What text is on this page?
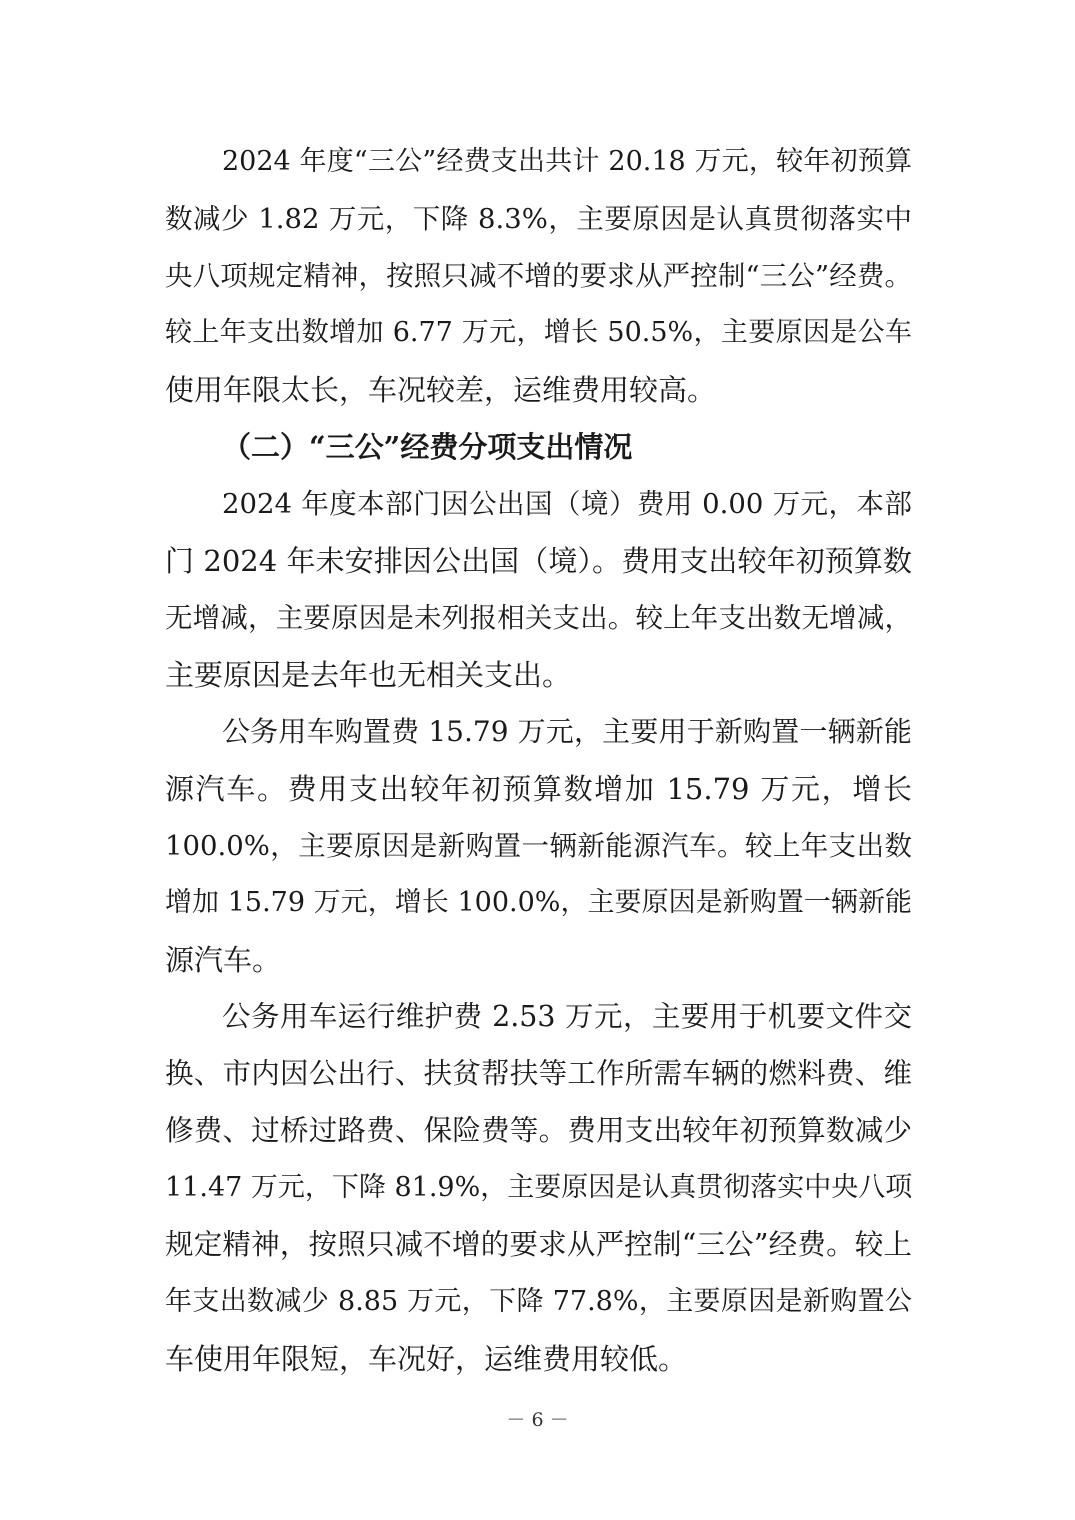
2024 年度“三公”经费支出共计 20.18 万元，较年初预算
数减少 1.82 万元，下降 8.3%，主要原因是认真贯彻落实中
央八项规定精神，按照只减不增的要求从严控制“三公”经费。
较上年支出数增加 6.77 万元，增长 50.5%，主要原因是公车
使用年限太长，车况较差，运维费用较高。
（二）“三公”经费分项支出情况
2024 年度本部门因公出国（境）费用 0.00 万元，本部
门 2024 年未安排因公出国（境）。费用支出较年初预算数
无增减，主要原因是未列报相关支出。较上年支出数无增减，
主要原因是去年也无相关支出。
公务用车购置费 15.79 万元，主要用于新购置一辆新能
源汽车。费用支出较年初预算数增加 15.79 万元，增长
100.0%，主要原因是新购置一辆新能源汽车。较上年支出数
增加 15.79 万元，增长 100.0%，主要原因是新购置一辆新能
源汽车。
公务用车运行维护费 2.53 万元，主要用于机要文件交
换、市内因公出行、扶贫帮扶等工作所需车辆的燃料费、维
修费、过桥过路费、保险费等。费用支出较年初预算数减少
11.47 万元，下降 81.9%，主要原因是认真贯彻落实中央八项
规定精神，按照只减不增的要求从严控制“三公”经费。较上
年支出数减少 8.85 万元，下降 77.8%，主要原因是新购置公
车使用年限短，车况好，运维费用较低。
－ 6 －
